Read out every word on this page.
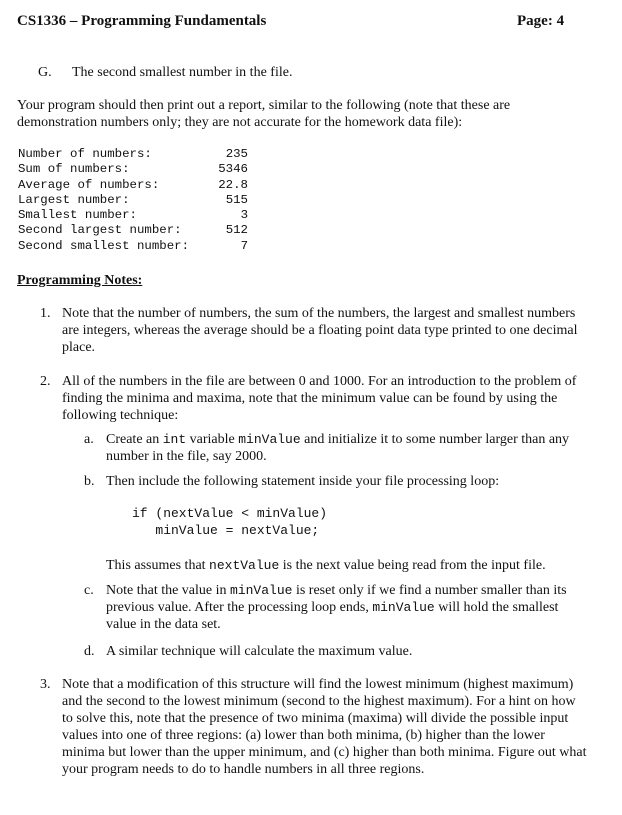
CS1336 – Programming Fundamentals	Page: 4
G. The second smallest number in the file.
Your program should then print out a report, similar to the following (note that these are demonstration numbers only; they are not accurate for the homework data file):
Number of numbers:	235
Sum of numbers:	5346
Average of numbers:	22.8
Largest number:	515
Smallest number:	3
Second largest number:	512
Second smallest number:	7
Programming Notes:
1. Note that the number of numbers, the sum of the numbers, the largest and smallest numbers are integers, whereas the average should be a floating point data type printed to one decimal place.
2. All of the numbers in the file are between 0 and 1000. For an introduction to the problem of finding the minima and maxima, note that the minimum value can be found by using the following technique:
a. Create an int variable minValue and initialize it to some number larger than any number in the file, say 2000.
b. Then include the following statement inside your file processing loop:
if (nextValue < minValue)
minValue = nextValue;
This assumes that nextValue is the next value being read from the input file.
c. Note that the value in minValue is reset only if we find a number smaller than its previous value. After the processing loop ends, minValue will hold the smallest value in the data set.
d. A similar technique will calculate the maximum value.
3. Note that a modification of this structure will find the lowest minimum (highest maximum) and the second to the lowest minimum (second to the highest maximum). For a hint on how to solve this, note that the presence of two minima (maxima) will divide the possible input values into one of three regions: (a) lower than both minima, (b) higher than the lower minima but lower than the upper minimum, and (c) higher than both minima. Figure out what your program needs to do to handle numbers in all three regions.
